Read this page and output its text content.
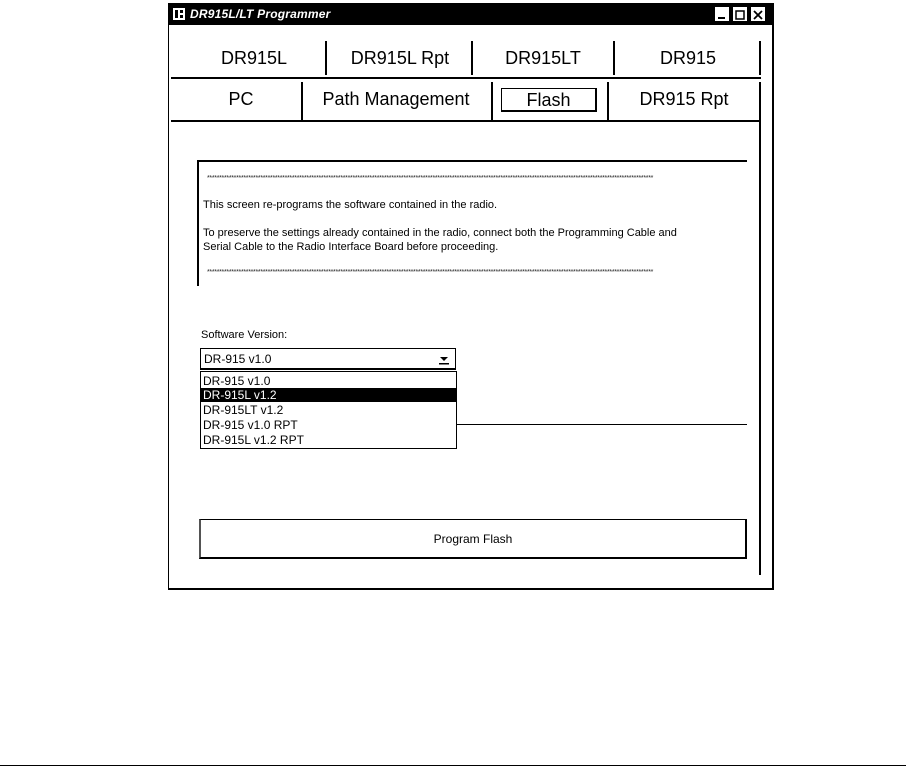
DR915L/LT Programmer
DR915L	DR915L Rpt	DR915LT	DR915
PC	Path Management	Flash	DR915 Rpt
****************************************************************************************************************************************************************************************
This screen re-programs the software contained in the radio.
To preserve the settings already contained in the radio, connect both the Programming Cable and
Serial Cable to the Radio Interface Board before proceeding.
****************************************************************************************************************************************************************************************
Software Version:
DR-915 v1.0
DR-915 v1.0
DR-915L v1.2
DR-915LT v1.2
DR-915 v1.0 RPT
DR-915L v1.2 RPT
Program Flash
